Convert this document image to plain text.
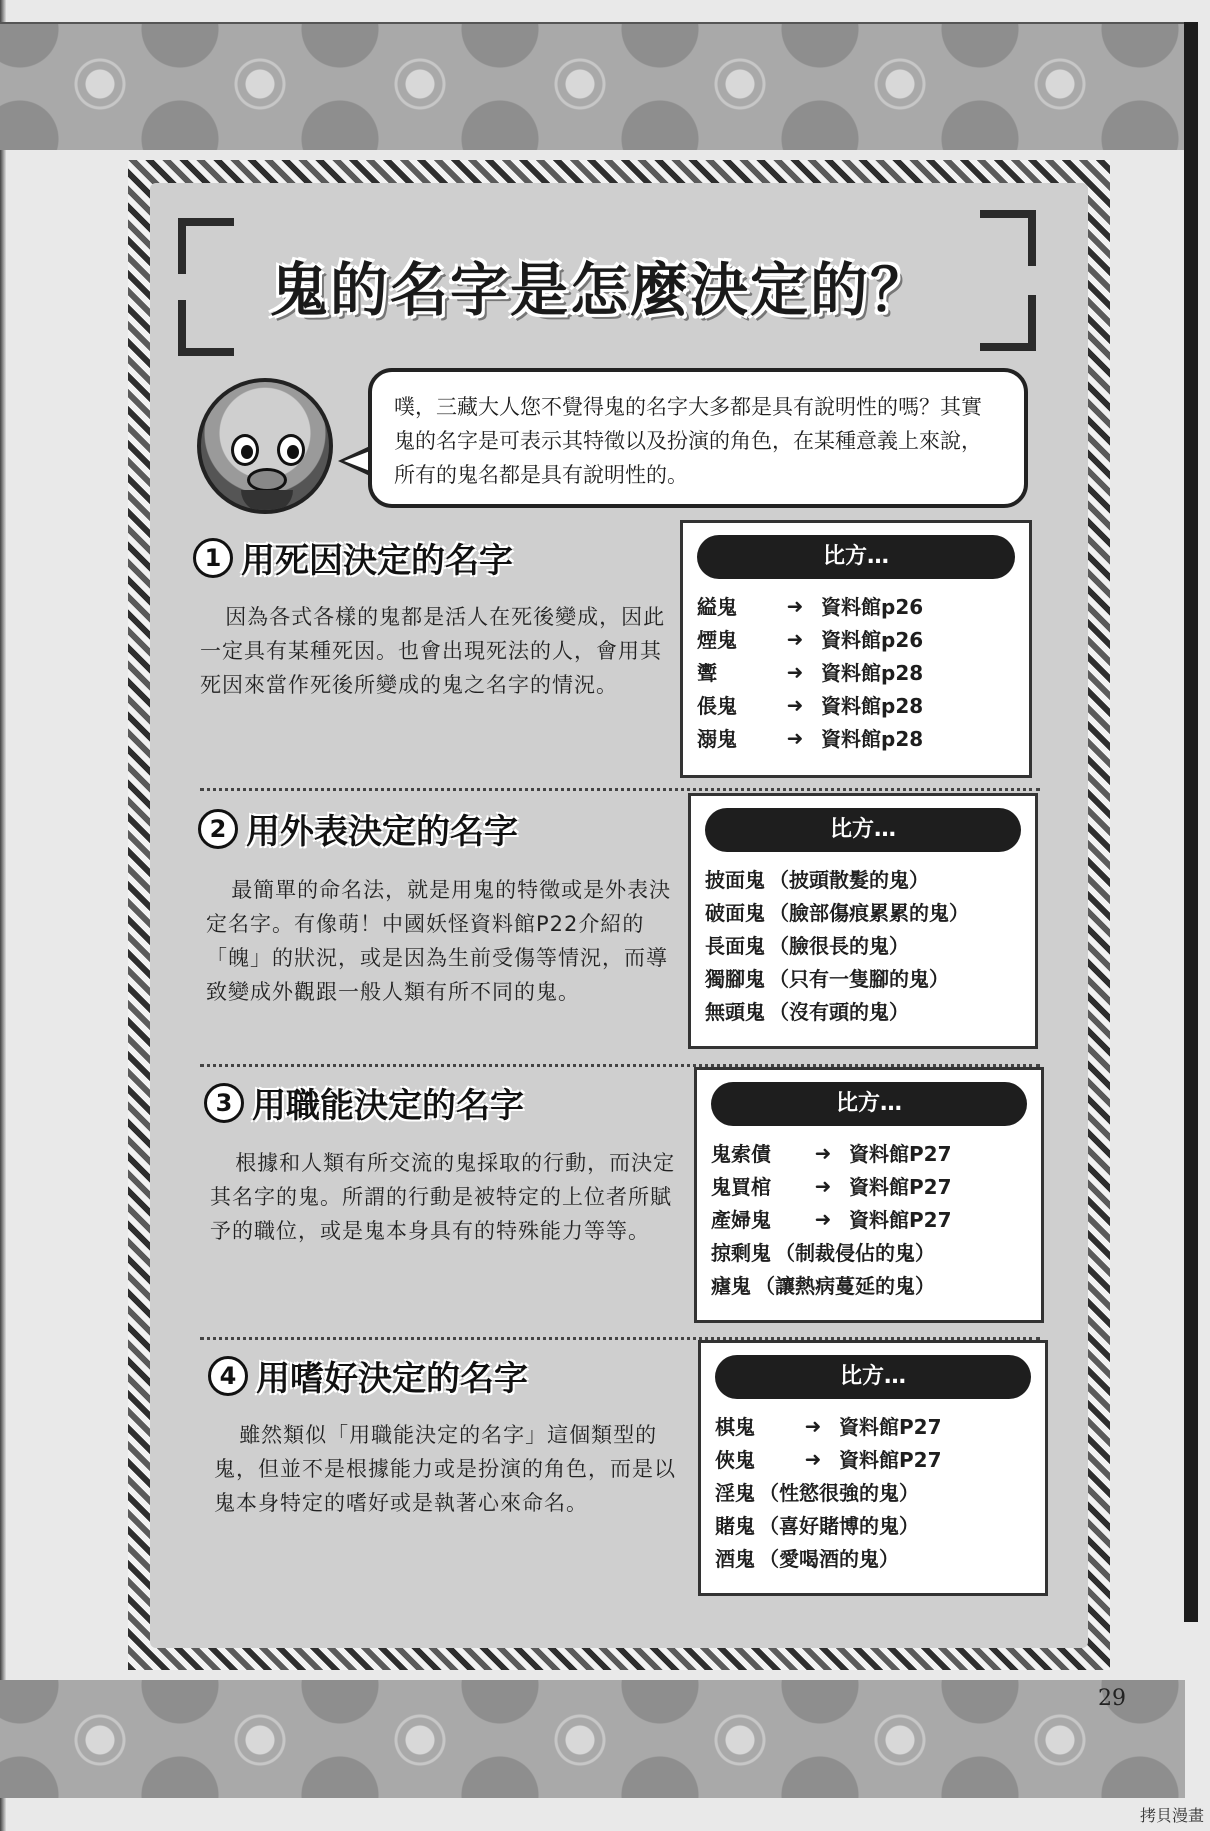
鬼的名字是怎麼決定的？
噗，三藏大人您不覺得鬼的名字大多都是具有說明性的嗎？其實鬼的名字是可表示其特徵以及扮演的角色，在某種意義上來說，所有的鬼名都是具有說明性的。
1 用死因決定的名字
因為各式各樣的鬼都是活人在死後變成，因此一定具有某種死因。也會出現死法的人，會用其死因來當作死後所變成的鬼之名字的情況。
比方…
縊鬼	➜ 資料館p26
煙鬼	➜ 資料館p26
聻	➜ 資料館p28
倀鬼	➜ 資料館p28
溺鬼	➜ 資料館p28
2 用外表決定的名字
最簡單的命名法，就是用鬼的特徵或是外表決定名字。有像萌！中國妖怪資料館P22介紹的「魄」的狀況，或是因為生前受傷等情況，而導致變成外觀跟一般人類有所不同的鬼。
比方…
披面鬼 （披頭散髮的鬼）
破面鬼 （臉部傷痕累累的鬼）
長面鬼 （臉很長的鬼）
獨腳鬼 （只有一隻腳的鬼）
無頭鬼 （沒有頭的鬼）
3 用職能決定的名字
根據和人類有所交流的鬼採取的行動，而決定其名字的鬼。所謂的行動是被特定的上位者所賦予的職位，或是鬼本身具有的特殊能力等等。
比方…
鬼索債	➜ 資料館P27
鬼買棺	➜ 資料館P27
產婦鬼	➜ 資料館P27
掠剩鬼 （制裁侵佔的鬼）
瘧鬼 （讓熱病蔓延的鬼）
4 用嗜好決定的名字
雖然類似「用職能決定的名字」這個類型的鬼，但並不是根據能力或是扮演的角色，而是以鬼本身特定的嗜好或是執著心來命名。
比方…
棋鬼	➜ 資料館P27
俠鬼	➜ 資料館P27
淫鬼 （性慾很強的鬼）
賭鬼 （喜好賭博的鬼）
酒鬼 （愛喝酒的鬼）
29
拷貝漫畫
